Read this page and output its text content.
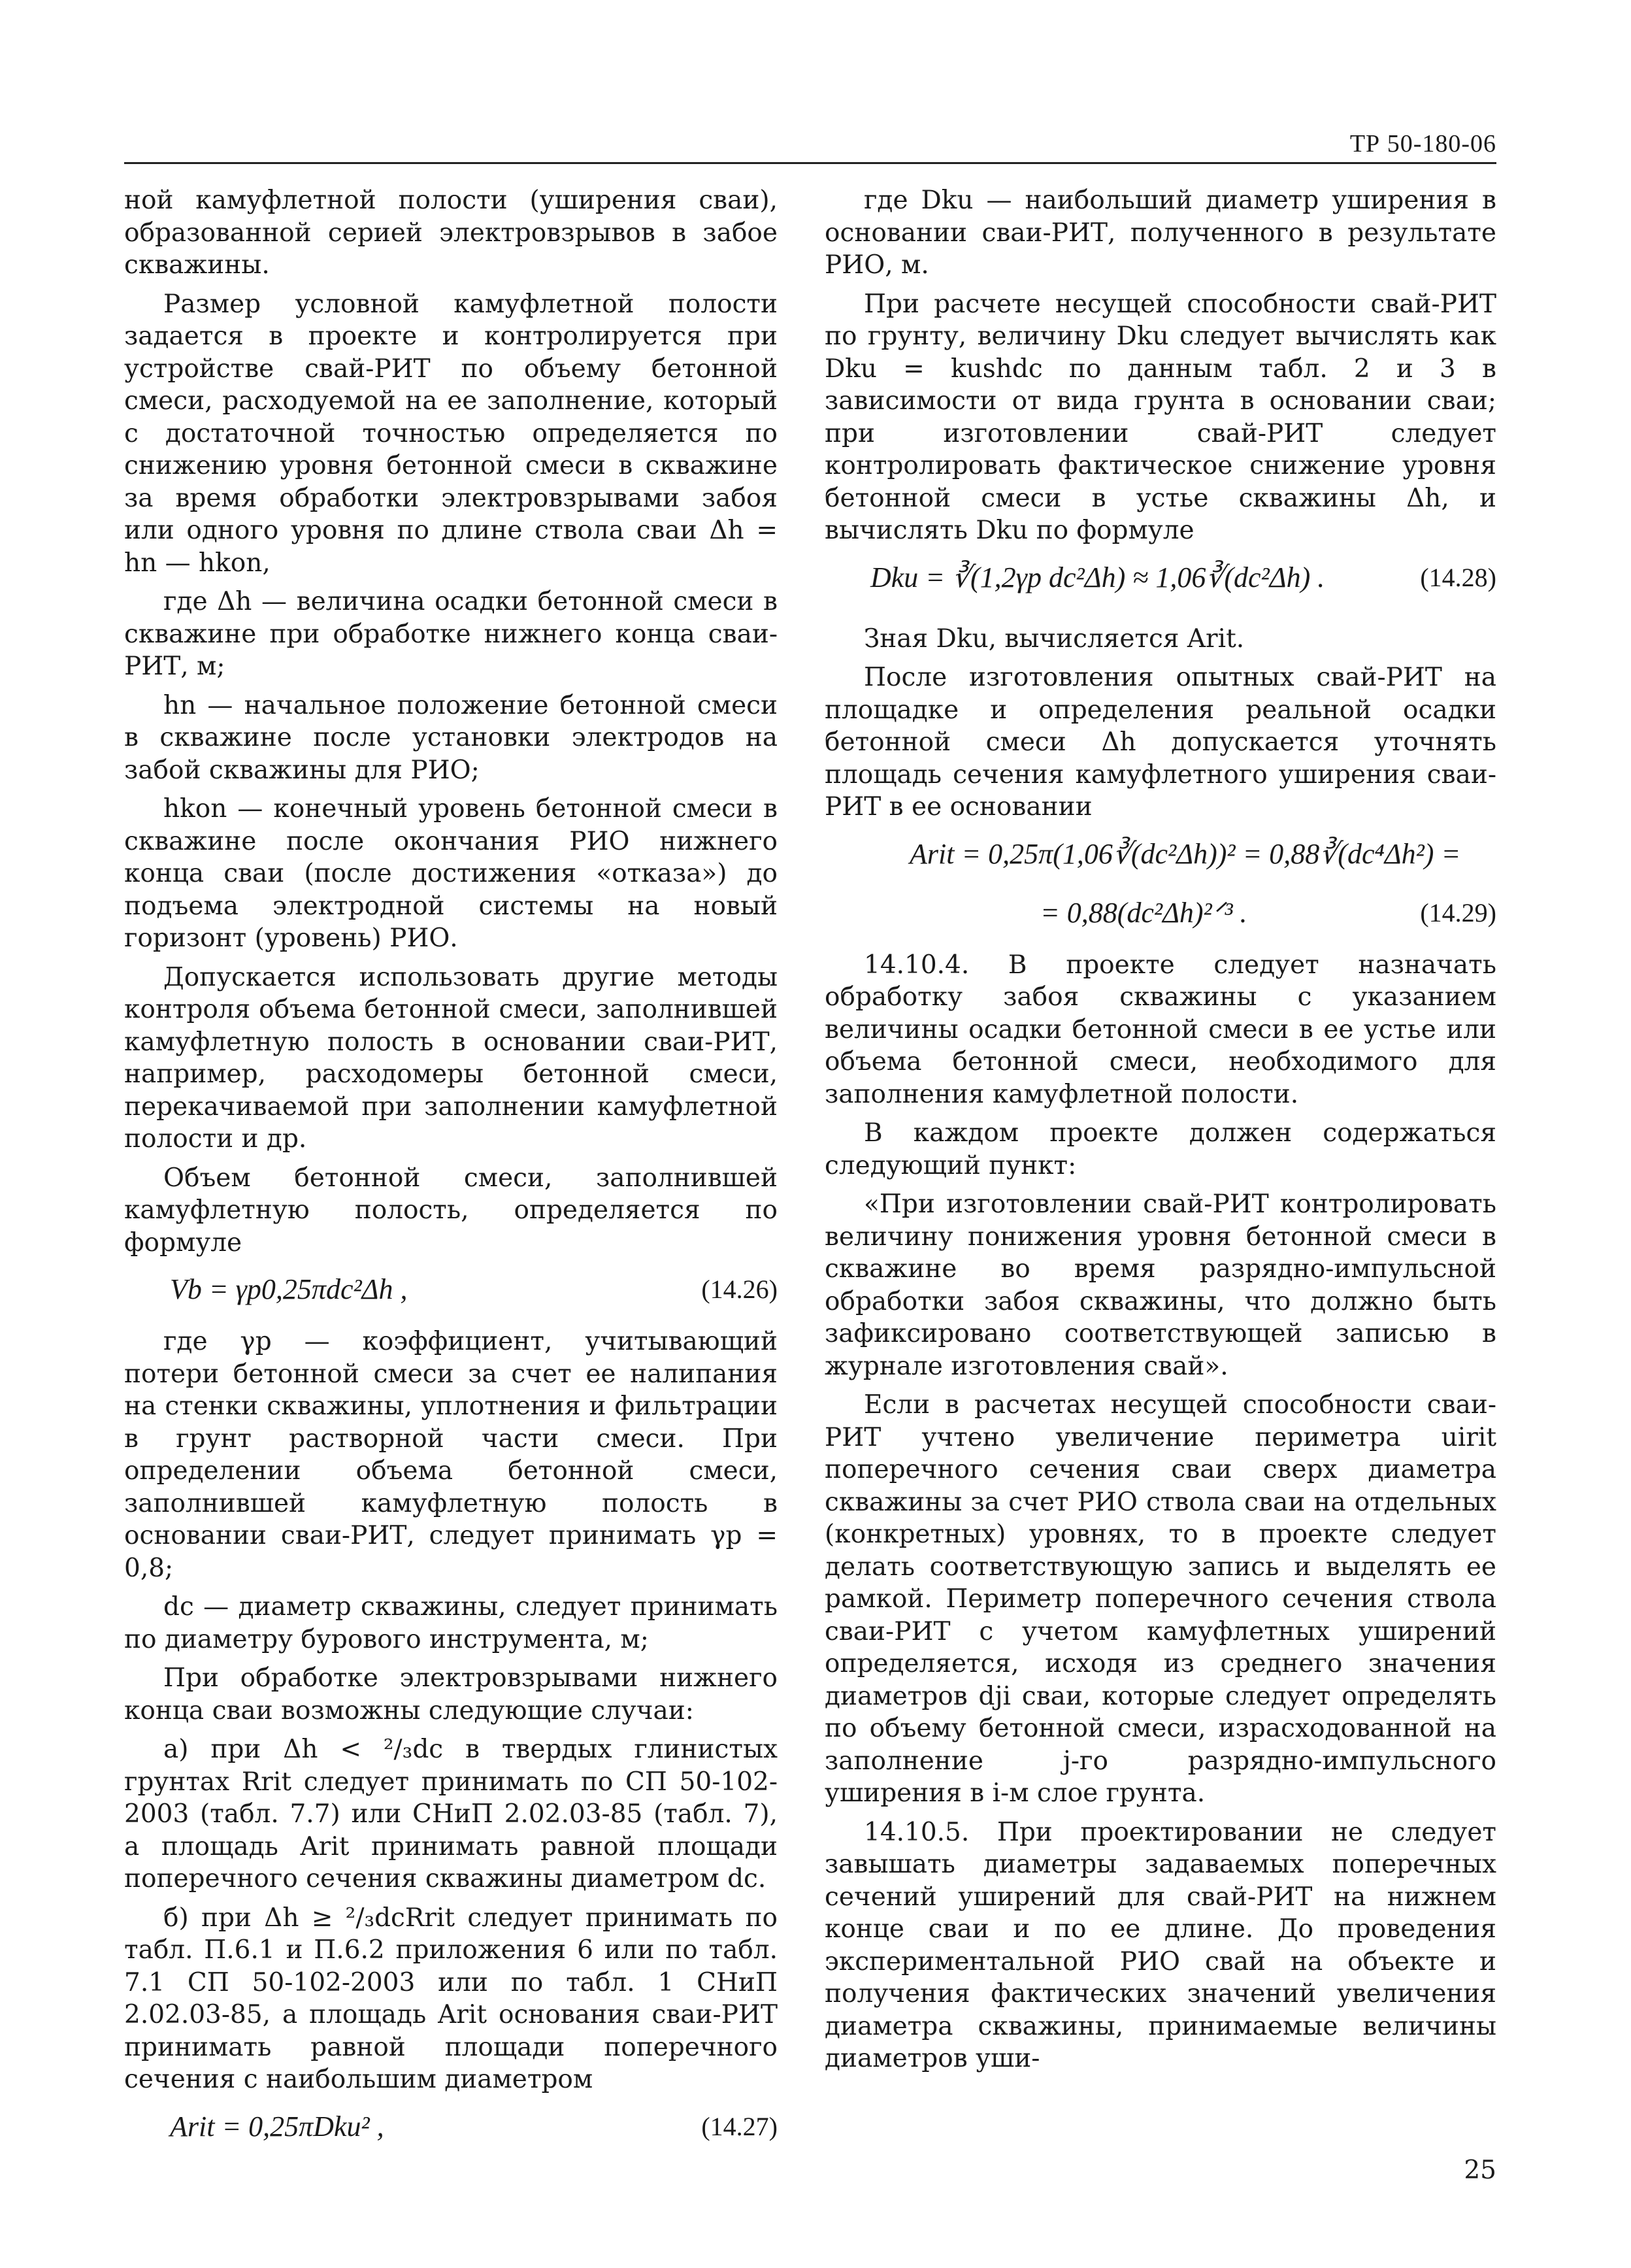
ТР 50-180-06

ной камуфлетной полости (уширения сваи), образованной серией электровзрывов в забое скважины.

Размер условной камуфлетной полости задается в проекте и контролируется при устройстве свай-РИТ по объему бетонной смеси, расходуемой на ее заполнение, который с достаточной точностью определяется по снижению уровня бетонной смеси в скважине за время обработки электровзрывами забоя или одного уровня по длине ствола сваи Δh = hn — hkon,

где Δh — величина осадки бетонной смеси в скважине при обработке нижнего конца сваи-РИТ, м;

hn — начальное положение бетонной смеси в скважине после установки электродов на забой скважины для РИО;

hkon — конечный уровень бетонной смеси в скважине после окончания РИО нижнего конца сваи (после достижения «отказа») до подъема электродной системы на новый горизонт (уровень) РИО.

Допускается использовать другие методы контроля объема бетонной смеси, заполнившей камуфлетную полость в основании сваи-РИТ, например, расходомеры бетонной смеси, перекачиваемой при заполнении камуфлетной полости и др.

Объем бетонной смеси, заполнившей камуфлетную полость, определяется по формуле

Vb = γp0,25πdc²Δh ,	(14.26)

где γp — коэффициент, учитывающий потери бетонной смеси за счет ее налипания на стенки скважины, уплотнения и фильтрации в грунт растворной части смеси. При определении объема бетонной смеси, заполнившей камуфлетную полость в основании сваи-РИТ, следует принимать γp = 0,8;

dc — диаметр скважины, следует принимать по диаметру бурового инструмента, м;

При обработке электровзрывами нижнего конца сваи возможны следующие случаи:

а) при Δh < ²/₃dc в твердых глинистых грунтах Rrit следует принимать по СП 50-102-2003 (табл. 7.7) или СНиП 2.02.03-85 (табл. 7), а площадь Arit принимать равной площади поперечного сечения скважины диаметром dc.

б) при Δh ≥ ²/₃dcRrit следует принимать по табл. П.6.1 и П.6.2 приложения 6 или по табл. 7.1 СП 50-102-2003 или по табл. 1 СНиП 2.02.03-85, а площадь Arit основания сваи-РИТ принимать равной площади поперечного сечения с наибольшим диаметром

Arit = 0,25πDku² ,	(14.27)

где Dku — наибольший диаметр уширения в основании сваи-РИТ, полученного в результате РИО, м.

При расчете несущей способности свай-РИТ по грунту, величину Dku следует вычислять как Dku = kushdc по данным табл. 2 и 3 в зависимости от вида грунта в основании сваи; при изготовлении свай-РИТ следует контролировать фактическое снижение уровня бетонной смеси в устье скважины Δh, и вычислять Dku по формуле

Dku = ∛(1,2γp dc²Δh) ≈ 1,06∛(dc²Δh) .	(14.28)

Зная Dku, вычисляется Arit.

После изготовления опытных свай-РИТ на площадке и определения реальной осадки бетонной смеси Δh допускается уточнять площадь сечения камуфлетного уширения сваи-РИТ в ее основании

Arit = 0,25π(1,06∛(dc²Δh))² = 0,88∛(dc⁴Δh²) =
= 0,88(dc²Δh)²ᐟ³ .	(14.29)

14.10.4. В проекте следует назначать обработку забоя скважины с указанием величины осадки бетонной смеси в ее устье или объема бетонной смеси, необходимого для заполнения камуфлетной полости.

В каждом проекте должен содержаться следующий пункт:

«При изготовлении свай-РИТ контролировать величину понижения уровня бетонной смеси в скважине во время разрядно-импульсной обработки забоя скважины, что должно быть зафиксировано соответствующей записью в журнале изготовления свай».

Если в расчетах несущей способности сваи-РИТ учтено увеличение периметра uirit поперечного сечения сваи сверх диаметра скважины за счет РИО ствола сваи на отдельных (конкретных) уровнях, то в проекте следует делать соответствующую запись и выделять ее рамкой. Периметр поперечного сечения ствола сваи-РИТ с учетом камуфлетных уширений определяется, исходя из среднего значения диаметров dji сваи, которые следует определять по объему бетонной смеси, израсходованной на заполнение j-го разрядно-импульсного уширения в i-м слое грунта.

14.10.5. При проектировании не следует завышать диаметры задаваемых поперечных сечений уширений для свай-РИТ на нижнем конце сваи и по ее длине. До проведения экспериментальной РИО свай на объекте и получения фактических значений увеличения диаметра скважины, принимаемые величины диаметров уши-

25
